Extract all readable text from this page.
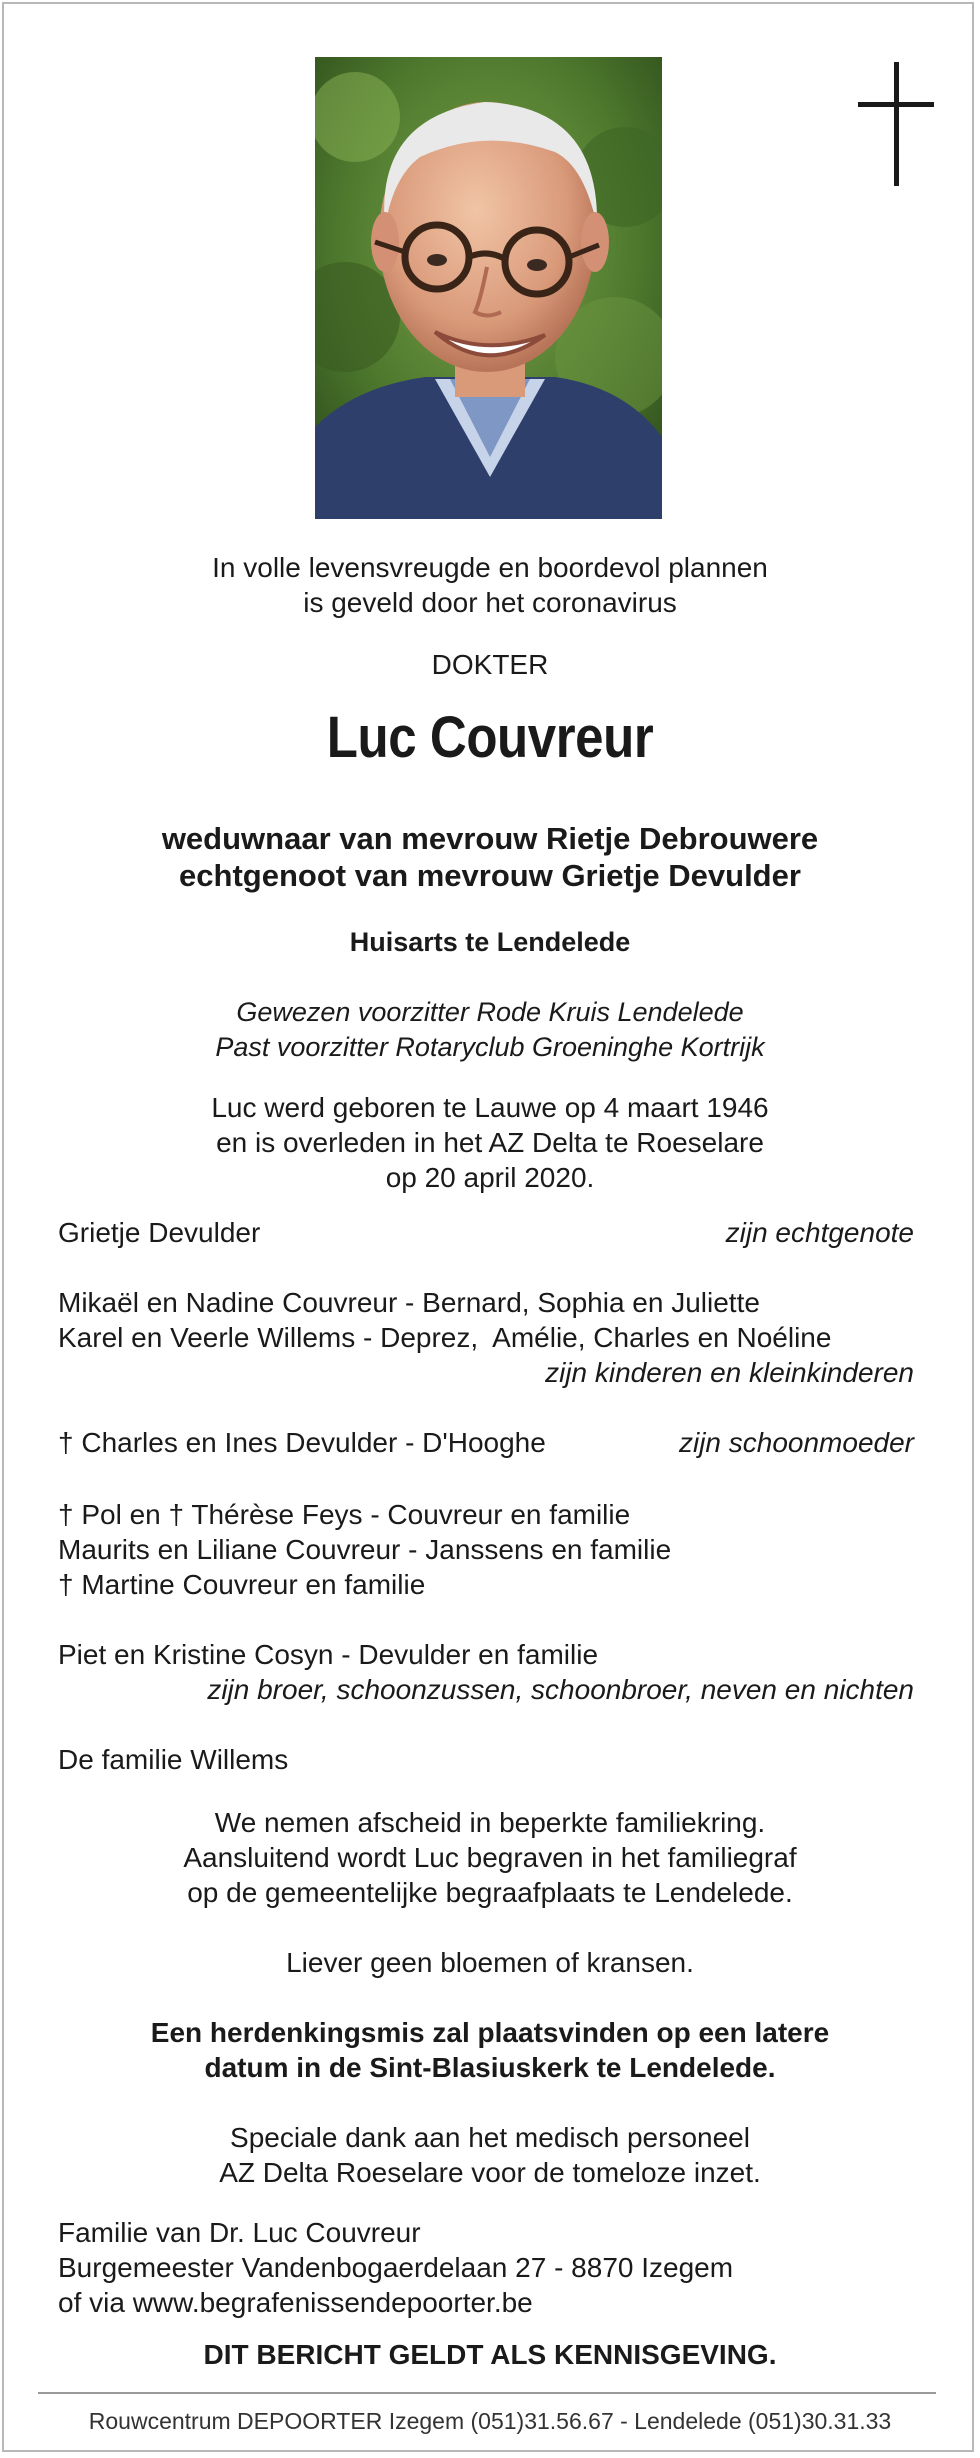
In volle levensvreugde en boordevol plannen
is geveld door het coronavirus
DOKTER
Luc Couvreur
weduwnaar van mevrouw Rietje Debrouwere
echtgenoot van mevrouw Grietje Devulder
Huisarts te Lendelede
Gewezen voorzitter Rode Kruis Lendelede
Past voorzitter Rotaryclub Groeninghe Kortrijk
Luc werd geboren te Lauwe op 4 maart 1946
en is overleden in het AZ Delta te Roeselare
op 20 april 2020.
Grietje Devulder	zijn echtgenote
Mikaël en Nadine Couvreur - Bernard, Sophia en Juliette
Karel en Veerle Willems - Deprez,  Amélie, Charles en Noéline
zijn kinderen en kleinkinderen
† Charles en Ines Devulder - D'Hooghe	zijn schoonmoeder
† Pol en † Thérèse Feys - Couvreur en familie
Maurits en Liliane Couvreur - Janssens en familie
† Martine Couvreur en familie
Piet en Kristine Cosyn - Devulder en familie
zijn broer, schoonzussen, schoonbroer, neven en nichten
De familie Willems
We nemen afscheid in beperkte familiekring.
Aansluitend wordt Luc begraven in het familiegraf
op de gemeentelijke begraafplaats te Lendelede.
Liever geen bloemen of kransen.
Een herdenkingsmis zal plaatsvinden op een latere
datum in de Sint-Blasiuskerk te Lendelede.
Speciale dank aan het medisch personeel
AZ Delta Roeselare voor de tomeloze inzet.
Familie van Dr. Luc Couvreur
Burgemeester Vandenbogaerdelaan 27 - 8870 Izegem
of via www.begrafenissendepoorter.be
DIT BERICHT GELDT ALS KENNISGEVING.
Rouwcentrum DEPOORTER Izegem (051)31.56.67 - Lendelede (051)30.31.33
